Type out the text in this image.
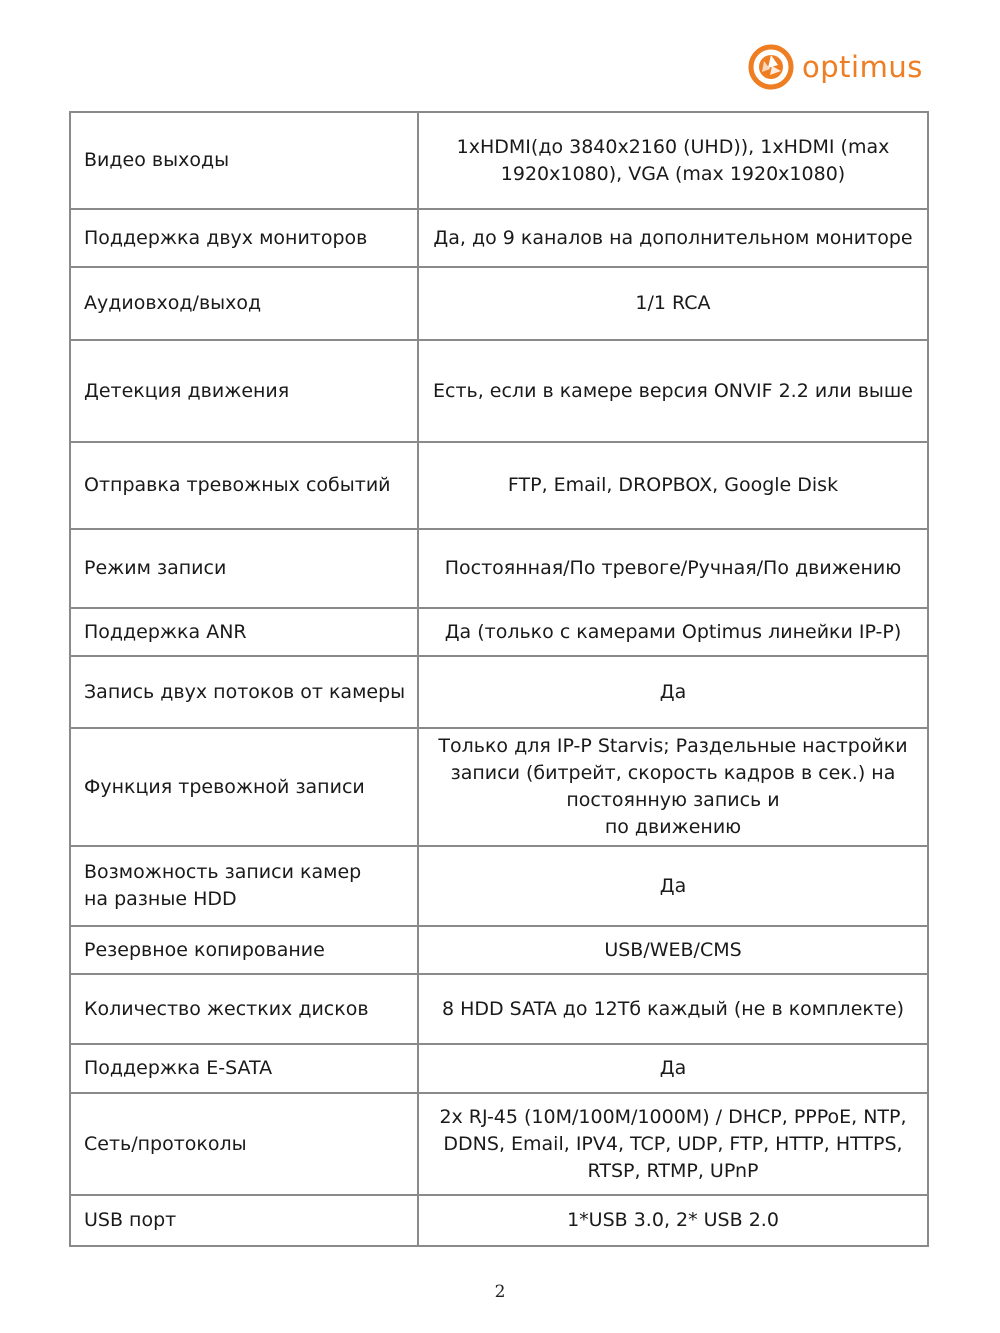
optimus
Видео выходы	1xHDMI(до 3840x2160 (UHD)), 1xHDMI (max
1920x1080), VGA (max 1920x1080)
Поддержка двух мониторов	Да, до 9 каналов на дополнительном мониторе
Аудиовход/выход	1/1 RCA
Детекция движения	Есть, если в камере версия ONVIF 2.2 или выше
Отправка тревожных событий	FTP, Email, DROPBOX, Google Disk
Режим записи	Постоянная/По тревоге/Ручная/По движению
Поддержка ANR	Да (только с камерами Optimus линейки IP-P)
Запись двух потоков от камеры	Да
Функция тревожной записи	Только для IP-P Starvis; Раздельные настройки
записи (битрейт, скорость кадров в сек.) на
постоянную запись и
по движению
Возможность записи камер
на разные HDD	Да
Резервное копирование	USB/WEB/CMS
Количество жестких дисков	8 HDD SATA до 12Тб каждый (не в комплекте)
Поддержка E-SATA	Да
Сеть/протоколы	2x RJ-45 (10M/100M/1000M) / DHCP, PPPoE, NTP,
DDNS, Email, IPV4, TCP, UDP, FTP, HTTP, HTTPS,
RTSP, RTMP, UPnP
USB порт	1*USB 3.0, 2* USB 2.0
2
